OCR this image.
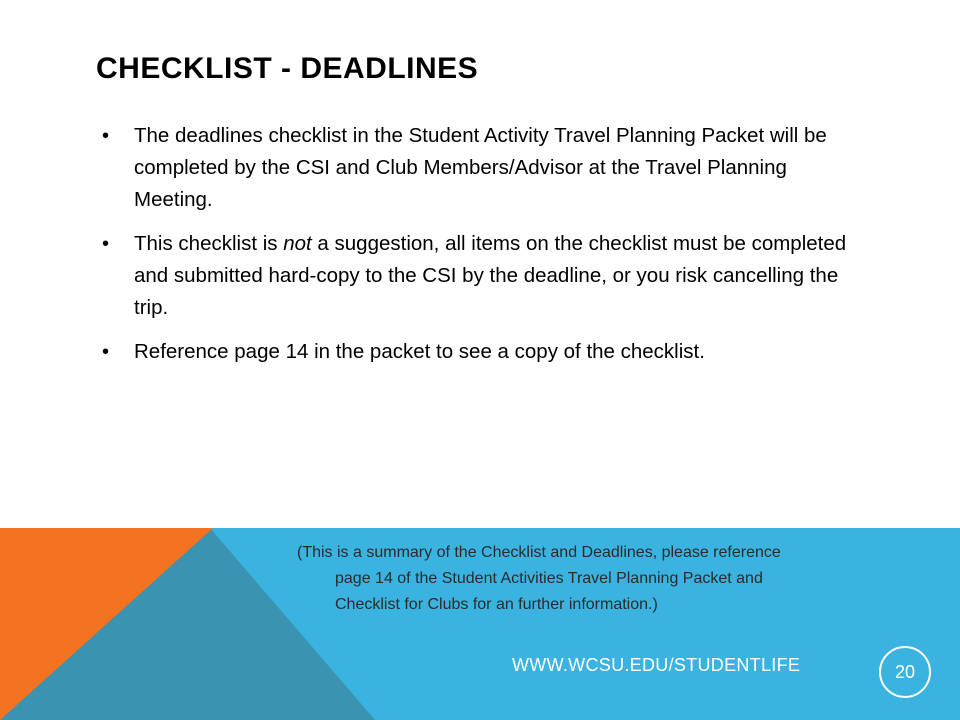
CHECKLIST - DEADLINES
• The deadlines checklist in the Student Activity Travel Planning Packet will be completed by the CSI and Club Members/Advisor at the Travel Planning Meeting.
• This checklist is not a suggestion, all items on the checklist must be completed and submitted hard-copy to the CSI by the deadline, or you risk cancelling the trip.
• Reference page 14 in the packet to see a copy of the checklist.
(This is a summary of the Checklist and Deadlines, please reference
page 14 of the Student Activities Travel Planning Packet and
Checklist for Clubs for an further information.)
WWW.WCSU.EDU/STUDENTLIFE	20
